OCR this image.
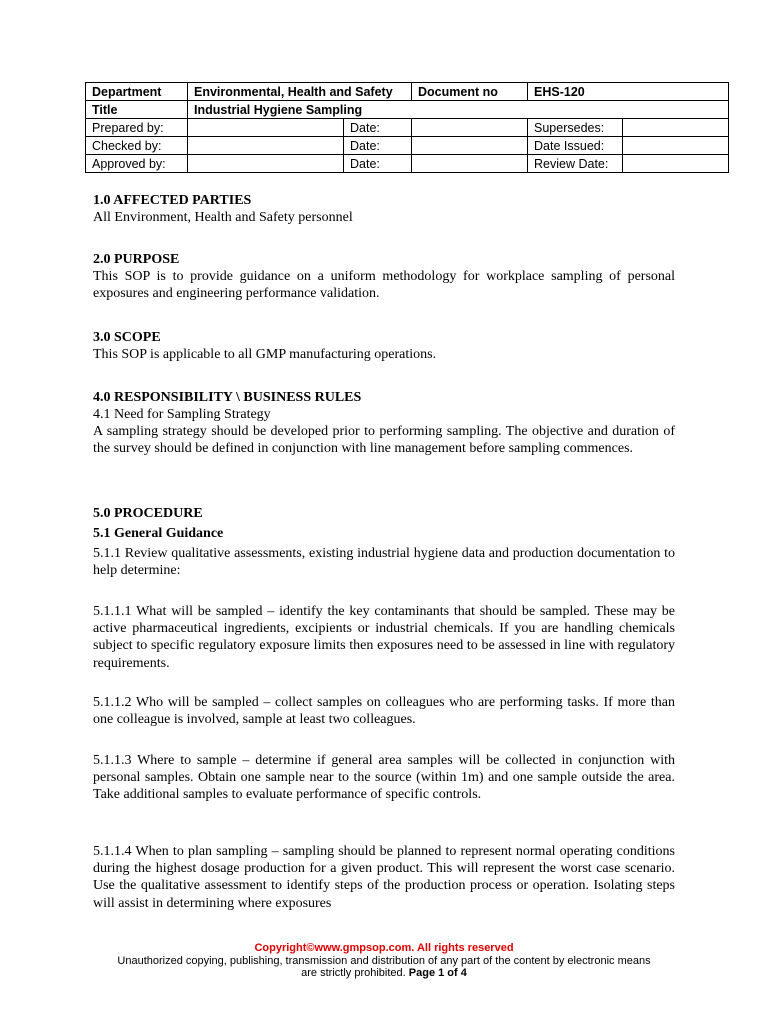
Department	Environmental, Health and Safety		Document no	EHS-120	
Title	Industrial Hygiene Sampling				
Prepared by:		Date:		Supersedes:	
Checked by:		Date:		Date Issued:	
Approved by:		Date:		Review Date:	

1.0 AFFECTED PARTIES

All Environment, Health and Safety personnel

2.0 PURPOSE

This SOP is to provide guidance on a uniform methodology for workplace sampling of personal exposures and engineering performance validation.

3.0 SCOPE

This SOP is applicable to all GMP manufacturing operations.

4.0 RESPONSIBILITY \ BUSINESS RULES

4.1 Need for Sampling Strategy

A sampling strategy should be developed prior to performing sampling. The objective and duration of the survey should be defined in conjunction with line management before sampling commences.

5.0 PROCEDURE

5.1 General Guidance

5.1.1 Review qualitative assessments, existing industrial hygiene data and production documentation to help determine:

5.1.1.1 What will be sampled – identify the key contaminants that should be sampled. These may be active pharmaceutical ingredients, excipients or industrial chemicals. If you are handling chemicals subject to specific regulatory exposure limits then exposures need to be assessed in line with regulatory requirements.

5.1.1.2 Who will be sampled – collect samples on colleagues who are performing tasks. If more than one colleague is involved, sample at least two colleagues.

5.1.1.3 Where to sample – determine if general area samples will be collected in conjunction with personal samples. Obtain one sample near to the source (within 1m) and one sample outside the area. Take additional samples to evaluate performance of specific controls.

5.1.1.4 When to plan sampling – sampling should be planned to represent normal operating conditions during the highest dosage production for a given product. This will represent the worst case scenario. Use the qualitative assessment to identify steps of the production process or operation. Isolating steps will assist in determining where exposures

Copyright©www.gmpsop.com. All rights reserved
Unauthorized copying, publishing, transmission and distribution of any part of the content by electronic means
are strictly prohibited. Page 1 of 4
